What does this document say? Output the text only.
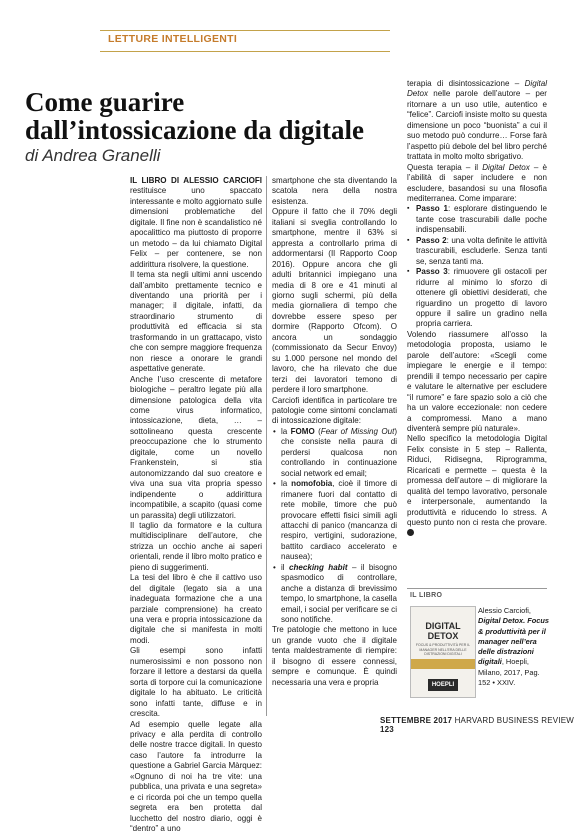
LETTURE INTELLIGENTI
Come guarire dall’intossicazione da digitale
di Andrea Granelli

IL LIBRO DI ALESSIO CARCIOFI restituisce uno spaccato interessante e molto aggiornato sulle dimensioni problematiche del digitale. Il fine non è scandalistico né apocalittico ma piuttosto di proporre un metodo – da lui chiamato Digital Felix – per contenere, se non addirittura risolvere, la questione.

Il tema sta negli ultimi anni uscendo dall’ambito prettamente tecnico e diventando una priorità per i manager; il digitale, infatti, da straordinario strumento di produttività ed efficacia si sta trasformando in un grattacapo, visto che con sempre maggiore frequenza non riesce a onorare le grandi aspettative generate.

Anche l’uso crescente di metafore biologiche – peraltro legate più alla dimensione patologica della vita come virus informatico, intossicazione, dieta, … – sottolineano questa crescente preoccupazione che lo strumento digitale, come un novello Frankenstein, si stia autonomizzando dal suo creatore e viva una sua vita propria spesso indipendente o addirittura incompatibile, a scapito (quasi come un parassita) degli utilizzatori.

Il taglio da formatore e la cultura multidisciplinare dell’autore, che strizza un occhio anche ai saperi orientali, rende il libro molto pratico e pieno di suggerimenti.

La tesi del libro è che il cattivo uso del digitale (legato sia a una inadeguata formazione che a una parziale comprensione) ha creato una vera e propria intossicazione da digitale che si manifesta in molti modi.

Gli esempi sono infatti numerosissimi e non possono non forzare il lettore a destarsi da quella sorta di torpore cui la comunicazione digitale lo ha abituato. Le criticità sono infatti tante, diffuse e in crescita.

Ad esempio quelle legate alla privacy e alla perdita di controllo delle nostre tracce digitali. In questo caso l’autore fa introdurre la questione a Gabriel Garcia Màrquez: «Ognuno di noi ha tre vite: una pubblica, una privata e una segreta» e ci ricorda poi che un tempo quella segreta era ben protetta dal lucchetto del nostro diario, oggi è “dentro” a uno

smartphone che sta diventando la scatola nera della nostra esistenza.

Oppure il fatto che il 70% degli italiani si sveglia controllando lo smartphone, mentre il 63% si appresta a controllarlo prima di addormentarsi (Il Rapporto Coop 2016). Oppure ancora che gli adulti britannici impiegano una media di 8 ore e 41 minuti al giorno sugli schermi, più della media giornaliera di tempo che dovrebbe essere speso per dormire (Rapporto Ofcom). O ancora un sondaggio (commissionato da Secur Envoy) su 1.000 persone nel mondo del lavoro, che ha rilevato che due terzi dei lavoratori temono di perdere il loro smartphone.

Carciofi identifica in particolare tre patologie come sintomi conclamati di intossicazione digitale:

• la FOMO (Fear of Missing Out) che consiste nella paura di perdersi qualcosa non controllando in continuazione social network ed email;
• la nomofobia, cioè il timore di rimanere fuori dal contatto di rete mobile, timore che può provocare effetti fisici simili agli attacchi di panico (mancanza di respiro, vertigini, sudorazione, battito cardiaco accelerato e nausea);
• il checking habit – il bisogno spasmodico di controllare, anche a distanza di brevissimo tempo, lo smartphone, la casella email, i social per verificare se ci sono notifiche.

Tre patologie che mettono in luce un grande vuoto che il digitale tenta maldestramente di riempire: il bisogno di essere connessi, sempre e comunque. È quindi necessaria una vera e propria

terapia di disintossicazione – Digital Detox nelle parole dell’autore – per ritornare a un uso utile, autentico e “felice”. Carciofi insiste molto su questa dimensione un poco “buonista” a cui il suo metodo può condurre… Forse farà l’aspetto più debole del bel libro perché trattata in molto molto sbrigativo.

Questa terapia – il Digital Detox – è l’abilità di saper includere e non escludere, basandosi su una filosofia mediterranea. Come imparare:

▪ Passo 1: esplorare distinguendo le tante cose trascurabili dalle poche indispensabili.
▪ Passo 2: una volta definite le attività trascurabili, escluderle. Senza tanti se, senza tanti ma.
▪ Passo 3: rimuovere gli ostacoli per ridurre al minimo lo sforzo di ottenere gli obiettivi desiderati, che riguardino un progetto di lavoro oppure il salire un gradino nella propria carriera.

Volendo riassumere all’osso la metodologia proposta, usiamo le parole dell’autore: «Scegli come impiegare le energie e il tempo: prendili il tempo necessario per capire e valutare le alternative per escludere “il rumore” e fare spazio solo a ciò che ha un valore eccezionale: non cedere a compromessi. Mano a mano diventerà sempre più naturale».

Nello specifico la metodologia Digital Felix consiste in 5 step – Rallenta, Riduci, Ridisegna, Riprogramma, Ricaricati e permette – questa è la promessa dell’autore – di migliorare la qualità del tempo lavorativo, personale e interpersonale, aumentando la produttività e riducendo lo stress. A questo punto non ci resta che provare.

IL LIBRO
DIGITAL DETOX
FOCUS & PRODUTTIVITÀ PER IL MANAGER NELL'ERA DELLE DISTRAZIONI DIGITALI
HOEPLI
Alessio Carciofi,
Digital Detox. Focus & produttività per il manager nell’era delle distrazioni digitali, Hoepli, Milano, 2017, Pag. 152 • XXIV.
SETTEMBRE 2017 HARVARD BUSINESS REVIEW 123
